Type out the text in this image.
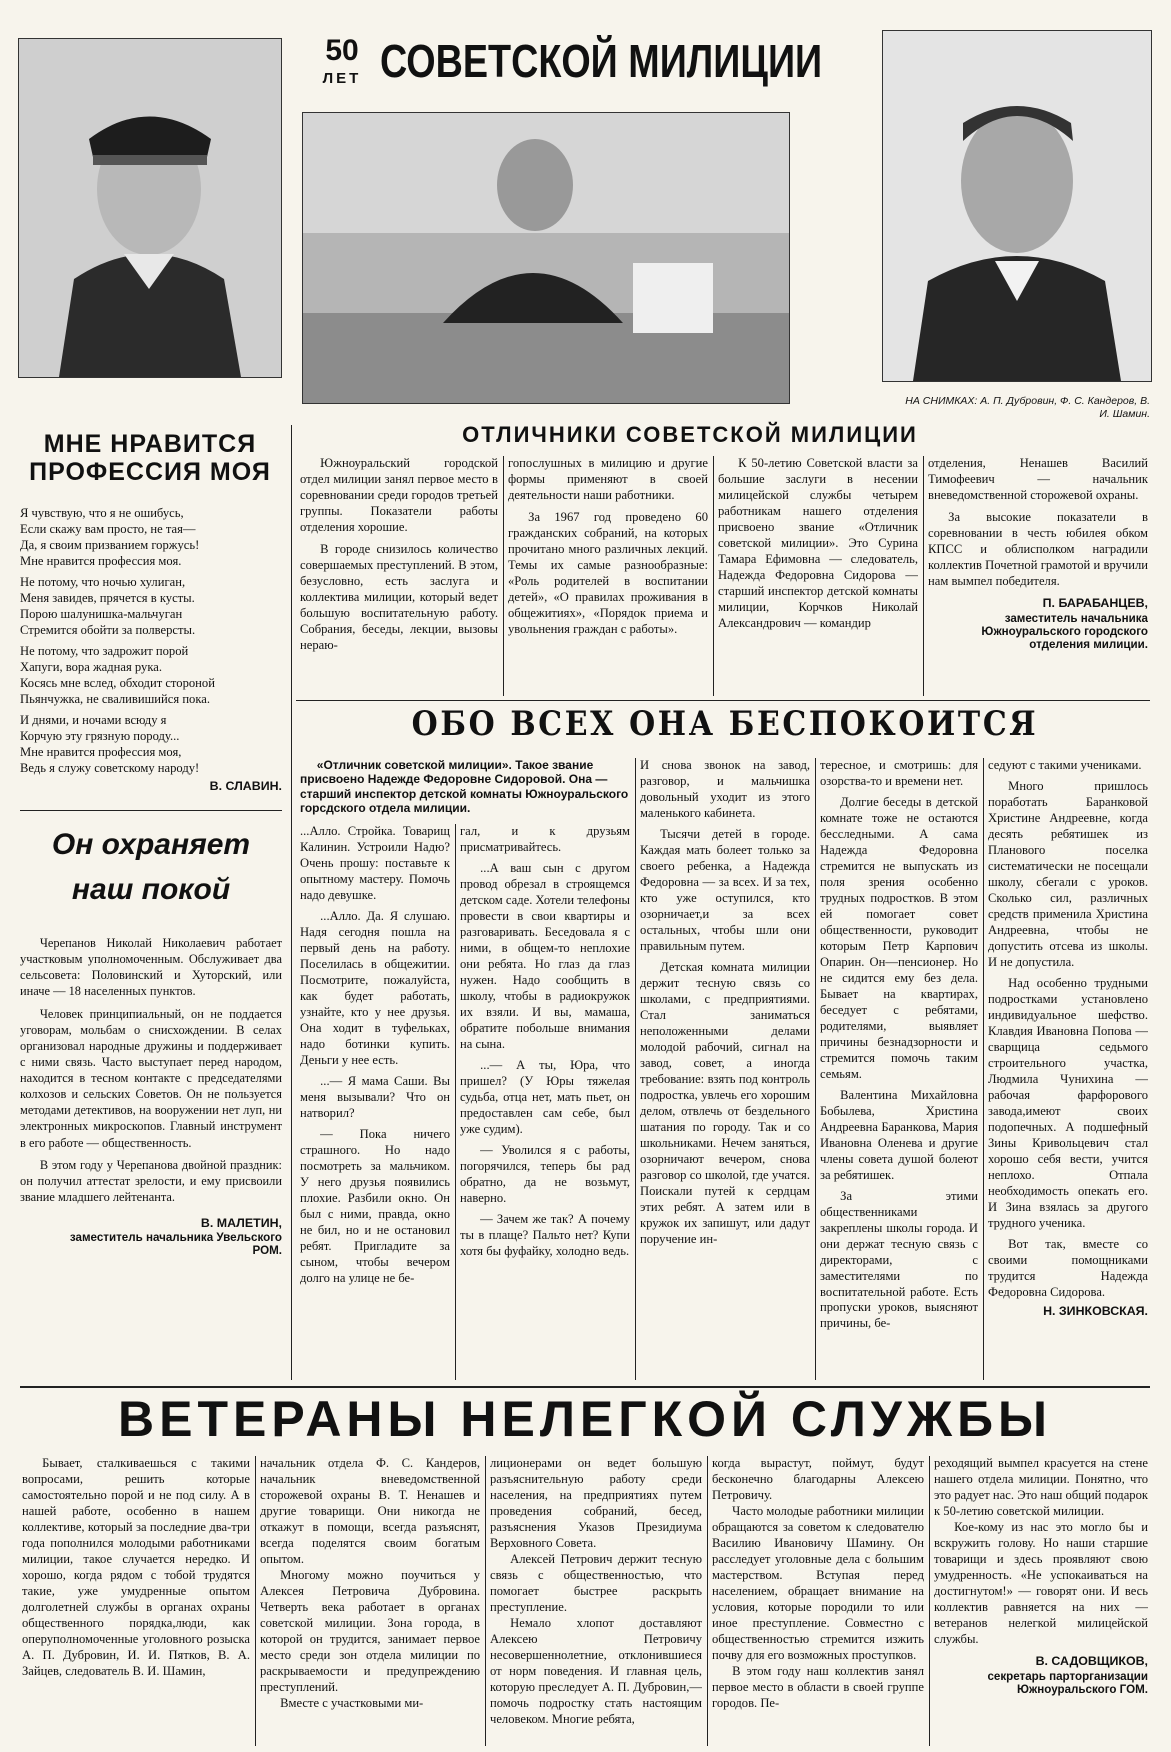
50
ЛЕТ СОВЕТСКОЙ МИЛИЦИИ
НА СНИМКАХ: А. П. Дубровин, Ф. С. Кандеров, В. И. Шамин.
МНЕ НРАВИТСЯ
ПРОФЕССИЯ МОЯ

Я чувствую, что я не ошибусь,

Если скажу вам просто, не тая—

Да, я своим призванием горжусь!

Мне нравится профессия моя.

Не потому, что ночью хулиган,

Меня завидев, прячется в кусты.

Порою шалунишка-мальчуган

Стремится обойти за полверсты.

Не потому, что задрожит порой

Хапуги, вора жадная рука.

Косясь мне вслед, обходит стороной

Пьянчужка, не сваливишийся пока.

И днями, и ночами всюду я

Корчую эту грязную породу...

Мне нравится профессия моя,

Ведь я служу советскому народу!

В. СЛАВИН.

Он охраняет
наш покой

Черепанов Николай Николаевич работает участковым уполномоченным. Обслуживает два сельсовета: Половинский и Хуторский, или иначе — 18 населенных пунктов.

Человек принципиальный, он не поддается уговорам, мольбам о снисхождении. В селах организовал народные дружины и поддерживает с ними связь. Часто выступает перед народом, находится в тесном контакте с председателями колхозов и сельских Советов. Он не пользуется методами детективов, на вооружении нет луп, ни электронных микроскопов. Главный инструмент в его работе — общественность.

В этом году у Черепанова двойной праздник: он получил аттестат зрелости, и ему присвоили звание младшего лейтенанта.

В. МАЛЕТИН,

заместитель начальника Увельского РОМ.

ОТЛИЧНИКИ СОВЕТСКОЙ МИЛИЦИИ

Южноуральский городской отдел милиции занял первое место в соревновании среди городов третьей группы. Показатели работы отделения хорошие.

В городе снизилось количество совершаемых преступлений. В этом, безусловно, есть заслуга и коллектива милиции, который ведет большую воспитательную работу. Собрания, беседы, лекции, вызовы нераю-

гопослушных в милицию и другие формы применяют в своей деятельности наши работники.

За 1967 год проведено 60 гражданских собраний, на которых прочитано много различных лекций. Темы их самые разнообразные: «Роль родителей в воспитании детей», «О правилах проживания в общежитиях», «Порядок приема и увольнения граждан с работы».

К 50-летию Советской власти за большие заслуги в несении милицейской службы четырем работникам нашего отделения присвоено звание «Отличник советской милиции». Это Сурина Тамара Ефимовна — следователь, Надежда Федоровна Сидорова — старший инспектор детской комнаты милиции, Корчков Николай Александрович — командир

отделения, Ненашев Василий Тимофеевич — начальник вневедомственной сторожевой охраны.

За высокие показатели в соревновании в честь юбилея обком КПСС и облисполком наградили коллектив Почетной грамотой и вручили нам вымпел победителя.

П. БАРАБАНЦЕВ,

заместитель начальника Южноуральского городского отделения милиции.

ОБО ВСЕХ ОНА БЕСПОКОИТСЯ

«Отличник советской милиции». Такое звание присвоено Надежде Федоровне Сидоровой. Она — старший инспектор детской комнаты Южноуральского горсдского отдела милиции.

...Алло. Стройка. Товарищ Калинин. Устроили Надю? Очень прошу: поставьте к опытному мастеру. Помочь надо девушке.

...Алло. Да. Я слушаю. Надя сегодня пошла на первый день на работу. Поселилась в общежитии. Посмотрите, пожалуйста, как будет работать, узнайте, кто у нее друзья. Она ходит в туфельках, надо ботинки купить. Деньги у нее есть.

...— Я мама Саши. Вы меня вызывали? Что он натворил?

— Пока ничего страшного. Но надо посмотреть за мальчиком. У него друзья появились плохие. Разбили окно. Он был с ними, правда, окно не бил, но и не остановил ребят. Пригладите за сыном, чтобы вечером долго на улице не бе-

гал, и к друзьям присматривайтесь.

...А ваш сын с другом провод обрезал в строящемся детском саде. Хотели телефоны провести в свои квартиры и разговаривать. Беседовала я с ними, в общем-то неплохие они ребята. Но глаз да глаз нужен. Надо сообщить в школу, чтобы в радиокружок их взяли. И вы, мамаша, обратите побольше внимания на сына.

...— А ты, Юра, что пришел? (У Юры тяжелая судьба, отца нет, мать пьет, он предоставлен сам себе, был уже судим).

— Уволился я с работы, погорячился, теперь бы рад обратно, да не возьмут, наверно.

— Зачем же так? А почему ты в плаще? Пальто нет? Купи хотя бы фуфайку, холодно ведь.

И снова звонок на завод, разговор, и мальчишка довольный уходит из этого маленького кабинета.

Тысячи детей в городе. Каждая мать болеет только за своего ребенка, а Надежда Федоровна — за всех. И за тех, кто уже оступился, кто озорничает,и за всех остальных, чтобы шли они правильным путем.

Детская комната милиции держит тесную связь со школами, с предприятиями. Стал заниматься неположенными делами молодой рабочий, сигнал на завод, совет, а иногда требование: взять под контроль подростка, увлечь его хорошим делом, отвлечь от бездельного шатания по городу. Так и со школьниками. Нечем заняться, озорничают вечером, снова разговор со школой, где учатся. Поискали путей к сердцам этих ребят. А затем или в кружок их запишут, или дадут поручение ин-

тересное, и смотришь: для озорства-то и времени нет.

Долгие беседы в детской комнате тоже не остаются бесследными. А сама Надежда Федоровна стремится не выпускать из поля зрения особенно трудных подростков. В этом ей помогает совет общественности, руководит которым Петр Карпович Опарин. Он—пенсионер. Но не сидится ему без дела. Бывает на квартирах, беседует с ребятами, родителями, выявляет причины безнадзорности и стремится помочь таким семьям.

Валентина Михайловна Бобылева, Христина Андреевна Баранкова, Мария Ивановна Оленева и другие члены совета душой болеют за ребятишек.

За этими общественниками закреплены школы города. И они держат тесную связь с директорами, с заместителями по воспитательной работе. Есть пропуски уроков, выясняют причины, бе-

седуют с такими учениками.

Много пришлось поработать Баранковой Христине Андреевне, когда десять ребятишек из Планового поселка систематически не посещали школу, сбегали с уроков. Сколько сил, различных средств применила Христина Андреевна, чтобы не допустить отсева из школы. И не допустила.

Над особенно трудными подростками установлено индивидуальное шефство. Клавдия Ивановна Попова — сварщица седьмого строительного участка, Людмила Чунихина — рабочая фарфорового завода,имеют своих подопечных. А подшефный Зины Кривольцевич стал хорошо себя вести, учится неплохо. Отпала необходимость опекать его. И Зина взялась за другого трудного ученика.

Вот так, вместе со своими помощниками трудится Надежда Федоровна Сидорова.

Н. ЗИНКОВСКАЯ.

ВЕТЕРАНЫ НЕЛЕГКОЙ СЛУЖБЫ

Бывает, сталкиваешься с такими вопросами, решить которые самостоятельно порой и не под силу. А в нашей работе, особенно в нашем коллективе, который за последние два-три года пополнился молодыми работниками милиции, такое случается нередко. И хорошо, когда рядом с тобой трудятся такие, уже умудренные опытом долголетней службы в органах охраны общественного порядка,люди, как оперуполномоченные уголовного розыска А. П. Дубровин, И. И. Пятков, В. А. Зайцев, следователь В. И. Шамин,

начальник отдела Ф. С. Кандеров, начальник вневедомственной сторожевой охраны В. Т. Ненашев и другие товарищи. Они никогда не откажут в помощи, всегда разъяснят, всегда поделятся своим богатым опытом.

Многому можно поучиться у Алексея Петровича Дубровина. Четверть века работает в органах советской милиции. Зона города, в которой он трудится, занимает первое место среди зон отдела милиции по раскрываемости и предупреждению преступлений.

Вместе с участковыми ми-

лиционерами он ведет большую разъяснительную работу среди населения, на предприятиях путем проведения собраний, бесед, разъяснения Указов Президиума Верховного Совета.

Алексей Петрович держит тесную связь с общественностью, что помогает быстрее раскрыть преступление.

Немало хлопот доставляют Алексею Петровичу несовершеннолетние, отклонившиеся от норм поведения. И главная цель, которую преследует А. П. Дубровин,—помочь подростку стать настоящим человеком. Многие ребята,

когда вырастут, поймут, будут бесконечно благодарны Алексею Петровичу.

Часто молодые работники милиции обращаются за советом к следователю Василию Ивановичу Шамину. Он расследует уголовные дела с большим мастерством. Вступая перед населением, обращает внимание на условия, которые породили то или иное преступление. Совместно с общественностью стремится изжить почву для его возможных проступков.

В этом году наш коллектив занял первое место в области в своей группе городов. Пе-

реходящий вымпел красуется на стене нашего отдела милиции. Понятно, что это радует нас. Это наш общий подарок к 50-летию советской милиции.

Кое-кому из нас это могло бы и вскружить голову. Но наши старшие товарищи и здесь проявляют свою умудренность. «Не успокаиваться на достигнутом!» — говорят они. И весь коллектив равняется на них — ветеранов нелегкой милицейской службы.

В. САДОВЩИКОВ,

секретарь парторганизации Южноуральского ГОМ.
